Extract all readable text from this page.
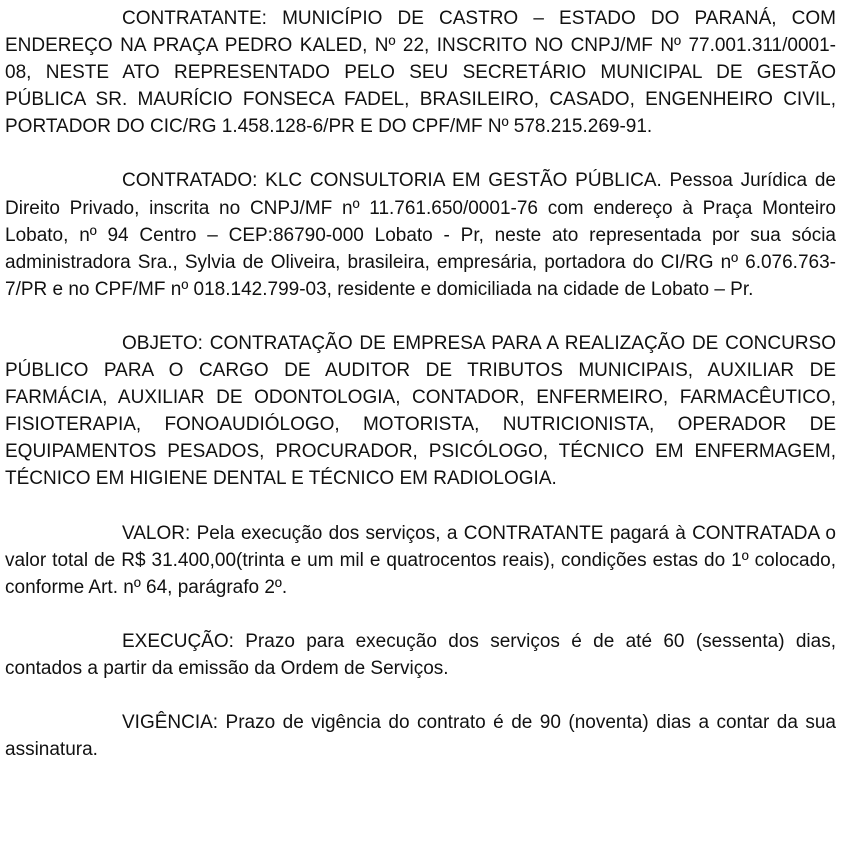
CONTRATANTE: MUNICÍPIO DE CASTRO – ESTADO DO PARANÁ, COM ENDEREÇO NA PRAÇA PEDRO KALED, Nº 22, INSCRITO NO CNPJ/MF Nº 77.001.311/0001-08, NESTE ATO REPRESENTADO PELO SEU SECRETÁRIO MUNICIPAL DE GESTÃO PÚBLICA SR. MAURÍCIO FONSECA FADEL, BRASILEIRO, CASADO, ENGENHEIRO CIVIL, PORTADOR DO CIC/RG 1.458.128-6/PR E DO CPF/MF Nº 578.215.269-91.

CONTRATADO: KLC CONSULTORIA EM GESTÃO PÚBLICA. Pessoa Jurídica de Direito Privado, inscrita no CNPJ/MF nº 11.761.650/0001-76 com endereço à Praça Monteiro Lobato, nº 94 Centro – CEP:86790-000 Lobato - Pr, neste ato representada por sua sócia administradora Sra., Sylvia de Oliveira, brasileira, empresária, portadora do CI/RG nº 6.076.763-7/PR e no CPF/MF nº 018.142.799-03, residente e domiciliada na cidade de Lobato – Pr.

OBJETO: CONTRATAÇÃO DE EMPRESA PARA A REALIZAÇÃO DE CONCURSO PÚBLICO PARA O CARGO DE AUDITOR DE TRIBUTOS MUNICIPAIS, AUXILIAR DE FARMÁCIA, AUXILIAR DE ODONTOLOGIA, CONTADOR, ENFERMEIRO, FARMACÊUTICO, FISIOTERAPIA, FONOAUDIÓLOGO, MOTORISTA, NUTRICIONISTA, OPERADOR DE EQUIPAMENTOS PESADOS, PROCURADOR, PSICÓLOGO, TÉCNICO EM ENFERMAGEM, TÉCNICO EM HIGIENE DENTAL E TÉCNICO EM RADIOLOGIA.

VALOR: Pela execução dos serviços, a CONTRATANTE pagará à CONTRATADA o valor total de R$ 31.400,00(trinta e um mil e quatrocentos reais), condições estas do 1º colocado, conforme Art. nº 64, parágrafo 2º.

EXECUÇÃO: Prazo para execução dos serviços é de até 60 (sessenta) dias, contados a partir da emissão da Ordem de Serviços.

VIGÊNCIA: Prazo de vigência do contrato é de 90 (noventa) dias a contar da sua assinatura.
